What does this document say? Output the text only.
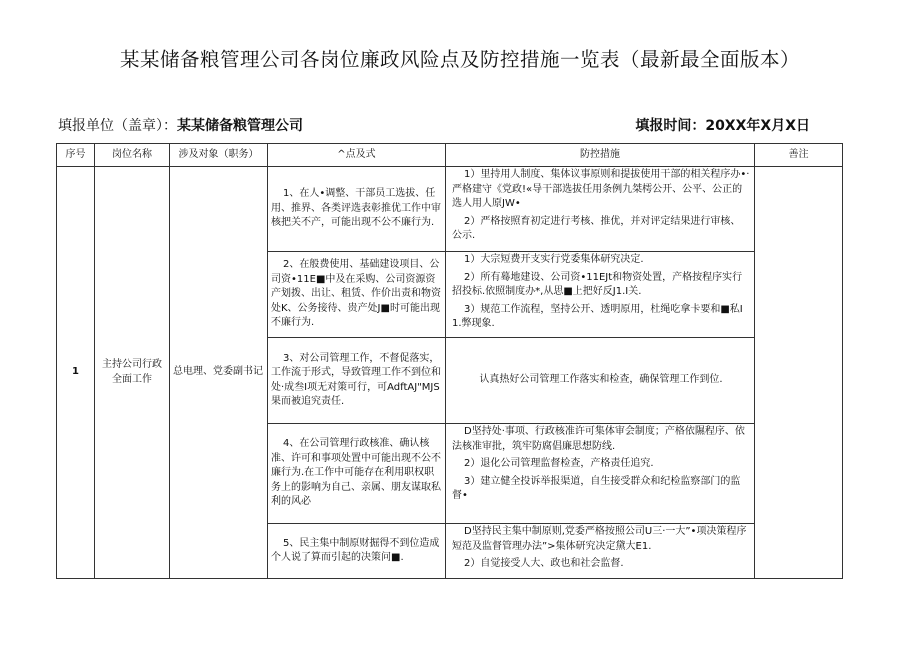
某某储备粮管理公司各岗位廉政风险点及防控措施一览表（最新最全面版本）
填报单位（盖章）：某某储备粮管理公司	填报时间：20XX年X月X日
序号	岗位名称	涉及对象（职务）	^点及式	防控措施	善注
1	主持公司行政全面工作	总电理、党委副书记	1、在人•调整、干部员工选拔、任用、推界、各类评选表彰推优工作中审核把关不产，可能出现不公不廉行为.	1）里持用人制度、集体议事原则和提拔使用干部的相关程序办•·严格建守《党政!«导干部选拔任用条例九桀樗公开、公平、公正的选人用人原JW•
2）严格按照育初定进行考核、推优，并对评定结果进行审核、公示.	

			2、在般费使用、基础建设项目、公司资•11E■中及在采购、公司资源资产划拨、出让、租赁、作价出责和物资处K、公务接待、贵产处J■时可能出现不廉行为.	1）大宗短费开支实行党委集体研究决定.
2）所有蓦地建设、公司资•11EJt和物资处置，产格按程序实行招投标.依照制度办*,从思■上把好反J1.I关.
3）规范工作流程，坚持公开、透明原用，杜绳吃拿卡要和■私I1.弊现象.	

			3、对公司管理工作，不督促落实，工作流于形式，导致管理工作不到位和处·成叁I项无对策可行，可AdftAJ"MJS果而被追究责任.	认真热好公司管理工作落实和检查，确保管理工作到位.	

			4、在公司管理行政核准、确认核准、许可和事项处置中可能出现不公不廉行为.在工作中可能存在利用职权职务上的影响为自己、亲属、朋友谋取私利的风必	D坚持处·事项、行政核准许可集体审会制度；产格依隰程序、依法核准审批，筑牢防腐倡廉思想防线.
2）退化公司管理监督检查，产格责任追究.
3）建立健全投诉举报渠道，自生接受群众和纪检监察部门的监督•	

			5、民主集中制原财掘得不到位造成个人说了算而引起的决策问■.	D坚持民主集中制原则,党委严格按照公司U三·一大”•项决策程序短范及监督管理办法”>集体研究决定黛大E1.
2）自觉接受人大、政也和社会监督.	
